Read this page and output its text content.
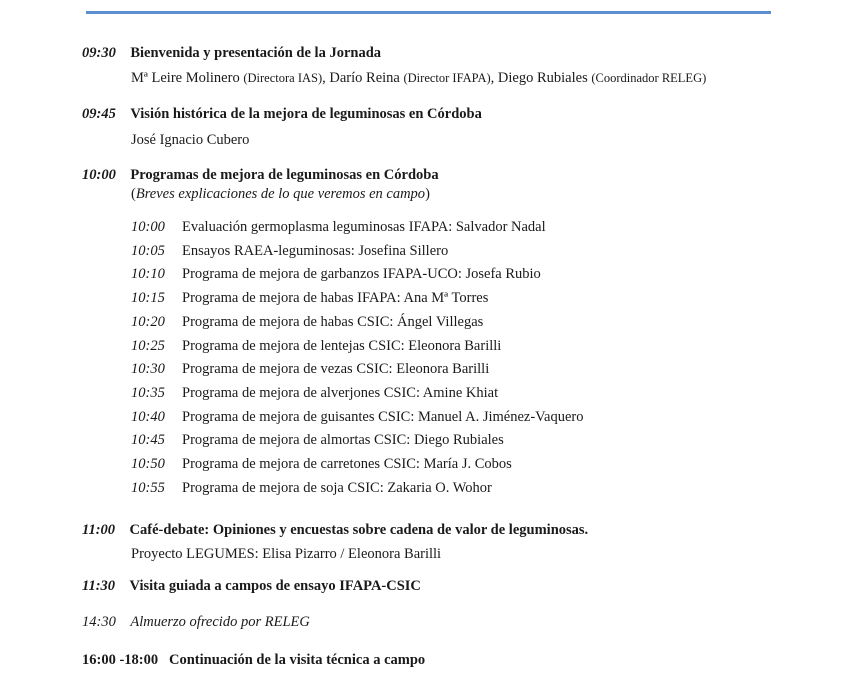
09:30 Bienvenida y presentación de la Jornada
Mª Leire Molinero (Directora IAS), Darío Reina (Director IFAPA), Diego Rubiales (Coordinador RELEG)
09:45 Visión histórica de la mejora de leguminosas en Córdoba
José Ignacio Cubero
10:00 Programas de mejora de leguminosas en Córdoba
(Breves explicaciones de lo que veremos en campo)
10:00 Evaluación germoplasma leguminosas IFAPA: Salvador Nadal
10:05 Ensayos RAEA-leguminosas: Josefina Sillero
10:10 Programa de mejora de garbanzos IFAPA-UCO: Josefa Rubio
10:15 Programa de mejora de habas IFAPA: Ana Mª Torres
10:20 Programa de mejora de habas CSIC: Ángel Villegas
10:25 Programa de mejora de lentejas CSIC: Eleonora Barilli
10:30 Programa de mejora de vezas CSIC: Eleonora Barilli
10:35 Programa de mejora de alverjones CSIC: Amine Khiat
10:40 Programa de mejora de guisantes CSIC: Manuel A. Jiménez-Vaquero
10:45 Programa de mejora de almortas CSIC: Diego Rubiales
10:50 Programa de mejora de carretones CSIC: María J. Cobos
10:55 Programa de mejora de soja CSIC: Zakaria O. Wohor
11:00 Café-debate: Opiniones y encuestas sobre cadena de valor de leguminosas.
Proyecto LEGUMES: Elisa Pizarro / Eleonora Barilli
11:30 Visita guiada a campos de ensayo IFAPA-CSIC
14:30 Almuerzo ofrecido por RELEG
16:00 -18:00 Continuación de la visita técnica a campo
